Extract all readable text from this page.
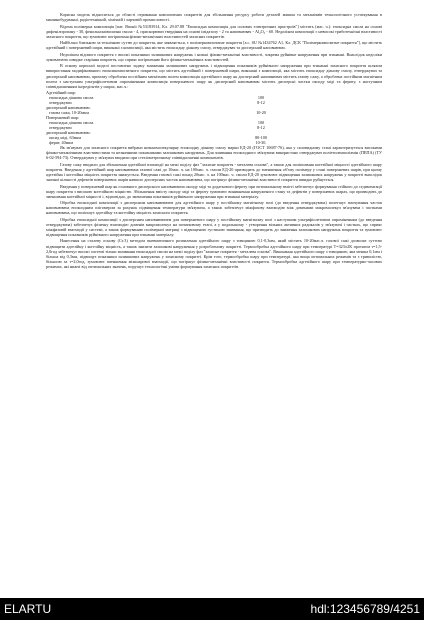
Корисна модель відноситься до області отримання композитних покриттів для збільшення ресурсу роботи деталей машин та механізмів технологічного устаткування в машинобудуванні, радіотехнікній, хімічній і харчовій промисловості.

Відома полімерна композиція [пат. Японії №53183914, Кл. 29.07.88 "Епоксидна композиція для силових електричних пристроїв"] містить (мас. ч.): епоксидна смола на основі дифенілпропану - 30, фенольноноволачна смола - 4, прискорювач твердіння на основі імідазолу - 2 та наповнювач - Al₂O₃ - 60. Недоліком композиції є невисокі триботехнічні властивості захисного покриття, що зумовлює погіршення фізико-механічних властивостей захисних покриттів.

Найбільш близькою за технічною суттю до покриття, яке заявляється, є полімеркомпозитне покриття [а.с. SU №1434762 А1, Кл. ДСК "Полімеркомпозитне покриття"], що містить адгезійний і поверхневий шари, виконані з композиції, яка містить епоксидну діанову смолу, отверджувач та дисперсний наповнювач.

Недоліком відомого покриття є високі показники залишкових напружень і низькі фізико-механічні властивості, зокрема руйнівне напруження при згинанні. Внаслідок недоліки зумовлюють швидке старіння покриття, що сприяє погіршенню його фізико-механічних властивостей.

В основу корисної моделі поставлено задачу зниження залишкових напружень і підвищення показників руйнівного напруження при згинанні захисного покриття шляхом використання модифікованого епоксикомпозитного покриття, що містить адгезійний і поверхневий шари, виконані з композиції, яка містить епоксидну діанову смолу, отверджувач та дисперсний наповнювач, причому оброблена постійним магнітним полем композиція адгезійного шару як дисперсний наповнювач містить газову сажу, а оброблена постійним магнітним полем з наступним ультрафіолетовим опроміненням композиція поверхневого шару як дисперсний наповнювач містить дисперсні частки оксиду міді та фериту, з наступним співвідношенням інгредієнтів у шарах, мас.ч.:

Адгезійний шар:
епоксидна діанова смола	100
отверджувач	8-12
дисперсний наповнювач:
газова сажа, 10-20мкм	10-20
Поверхневий шар:
епоксидна діанова смола	100
отверджувач	8-12
дисперсний наповнювач:
оксид міді, 63мкм	80-100
ферит, 40мкм	10-30.

Як зв'язувач для захисного покриття вибрано низькомолекулярну епоксидну діанову смолу марки ЕД-20 (ГОСТ 10687-76), яка у скловидному стані характеризується високими фізико-механічними властивостями та незначними показниками залишкових напружень. Для зшивання епоксидного зв'язувача використано отверджувач поліетиленполіамін (ПЕПА) (ТУ 6-02-594-73). Отверджувач у зв'язувач вводили при стехіометричному співвідношенні компонентів.

Газову сажу вводили для збільшення адгезійної взаємодії на межі поділу фаз "захисне покриття - металева основа", а також для поліпшення когезійної міцності адгезійного шару покриття. Введення у адгезійний шар наповнювача газової сажі до 10мас. ч. на 100мас. ч. смоли ЕД-20 призводить до зменшення об'єму полімеру у стані поверхневих шарів, при цьому адгезійна і когезійна міцність покриття знижується. Введення газової сажі понад 20мас. ч. на 100мас. ч. смоли ЕД-20 зумовлює підвищення залишкових напружень у покритті внаслідок значної кількості дефектів поверхневих шарів навколо дисперсних часток наповнювача, що погіршує фізико-механічні властивості покриття швидко руйнується.

Введення у поверхневий шар як основного дисперсного наповнювача оксиду міді та додаткового фериту при оптимальному вмісті забезпечує формування стійкого до седиментації шару покриття з високою когезійною міцністю. Збільшення вмісту оксиду міді та фериту зумовлює виникнення напруженого стану та дефектів у поверхневих шарах, що призводить до зменшення когезійної міцності і, відповідно, до зменшення показників руйнівного напруження при згинанні матеріалу.

Обробка епоксидної композиції з дисперсним наповнювачем для адгезійного шару у постійному магнітному полі (до введення отверджувача) полегшує змочування часток наповнювача епоксидним олігомером за рахунок підвищення температури зв'язувача, а також забезпечує міжфазову взаємодію між доменами макромолекул зв'язувача і частками наповнювача, що поліпшує адгезійну та когезійну міцність захисного покриття.

Обробка епоксидної композиції з дисперсним наповнювачем для поверхневого шару у постійному магнітному полі з наступним ультрафіолетовим опроміненням (до введення отверджувача) забезпечує фізичну взаємодію доменів макромолекул на початковому етапі, а у подальшому - утворення вільних активних радикалів у зв'язувачі і частках, що сприяє міжфазовій взаємодії у системі, а також формуванню полімерної матриці з підвищеною густиною зшивання, що призводить до зниження залишкових напружень покриття та зумовлює підвищення показників руйнівного напруження при згинанні матеріалу.

Нанесення на сталеву основу (Ст.3) методом пневматичного розпилення адгезійного шару з товщиною 0,1-0,3мм, який містить 10-20мас.ч. газової сажі дозволяє суттєво підвищити адгезійну і когезійну міцність, а також знизити залишкові напруження у розробленому покритті. Термообробка адгезійного шару при температурі T=323±2K протягом τ=1,5-2,0год забезпечує високі системі тільки зшивання епоксидної смоли на межі поділу фаз "захисне покриття - металева основа". Виконання адгезійного шару з товщиною, яка менша 0,1мм і більша від 0,3мм, підвищує показники залишкових напружень у захисному покритті. Крім того, термообробка шару при температурі, яка вища оптимальних режимів та з тривалістю, більшою за τ=2,0год, зумовлює зменшення міжшарової взаємодії, що погіршує фізико-механічні властивості покриття. Термообробка адгезійного шару при температурно-часових режимах, які нижчі від оптимальних значень, порушує технологічні умови формування захисних покриттів.

ELARTU	hdl:123456789/4251
